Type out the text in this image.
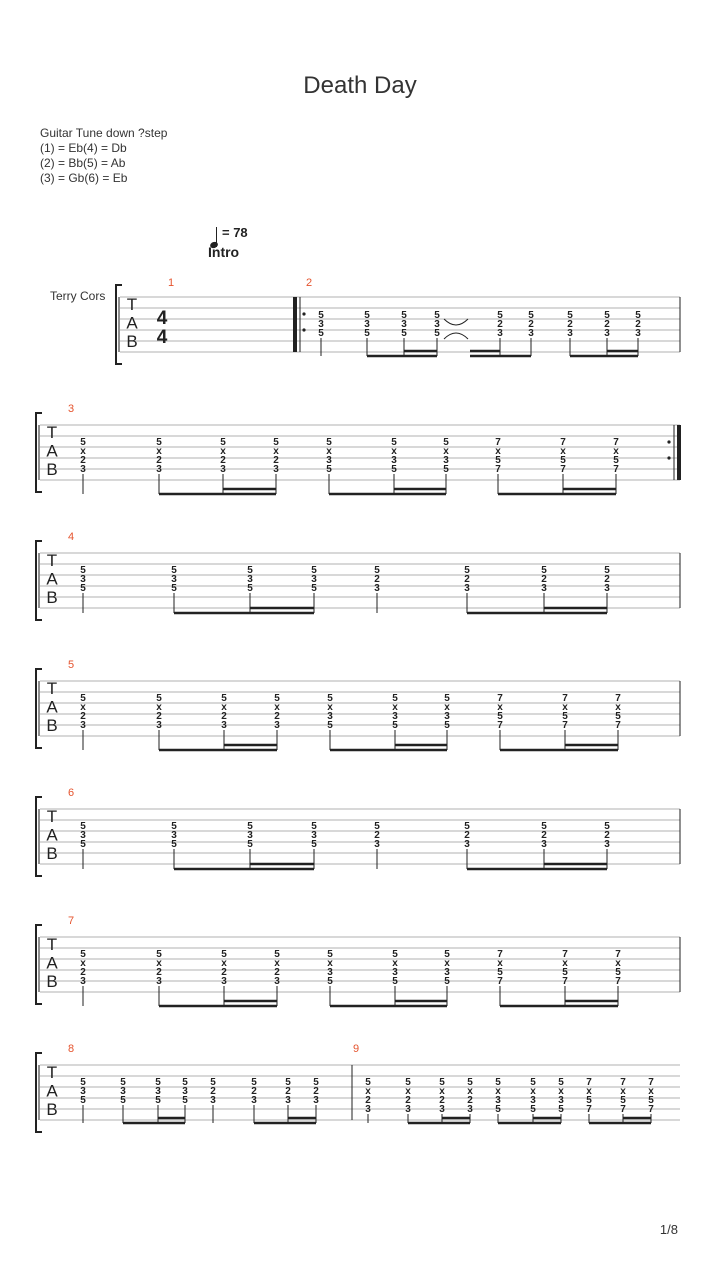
Death Day
Guitar Tune down ?step
(1) = Eb(4) = Db
(2) = Bb(5) = Ab
(3) = Gb(6) = Eb
= 78
Intro
Terry Cors T
A
B
4
4
1	2
5
3
5
5
3
5
5
3
5
5
3
5
5
2
3
5
2
3
5
2
3
5
2
3
5
2
3
T
A
B
3
5
x
2
3
5
x
2
3
5
x
2
3
5
x
2
3
5
x
3
5
5
x
3
5
5
x
3
5
7
x
5
7
7
x
5
7
7
x
5
7
T
A
B
4
5
3
5
5
3
5
5
3
5
5
3
5
5
2
3
5
2
3
5
2
3
5
2
3
T
A
B
5
5
x
2
3
5
x
2
3
5
x
2
3
5
x
2
3
5
x
3
5
5
x
3
5
5
x
3
5
7
x
5
7
7
x
5
7
7
x
5
7
T
A
B
6
5
3
5
5
3
5
5
3
5
5
3
5
5
2
3
5
2
3
5
2
3
5
2
3
T
A
B
7
5
x
2
3
5
x
2
3
5
x
2
3
5
x
2
3
5
x
3
5
5
x
3
5
5
x
3
5
7
x
5
7
7
x
5
7
7
x
5
7
T
A
B
8	9
5
3
5
5
3
5
5
3
5
5
3
5
5
2
3
5
2
3
5
2
3
5
2
3
5
x
2
3
5
x
2
3
5
x
2
3
5
x
2
3
5
x
3
5
5
x
3
5
5
x
3
5
7
x
5
7
7
x
5
7
7
x
5
7
1/8
